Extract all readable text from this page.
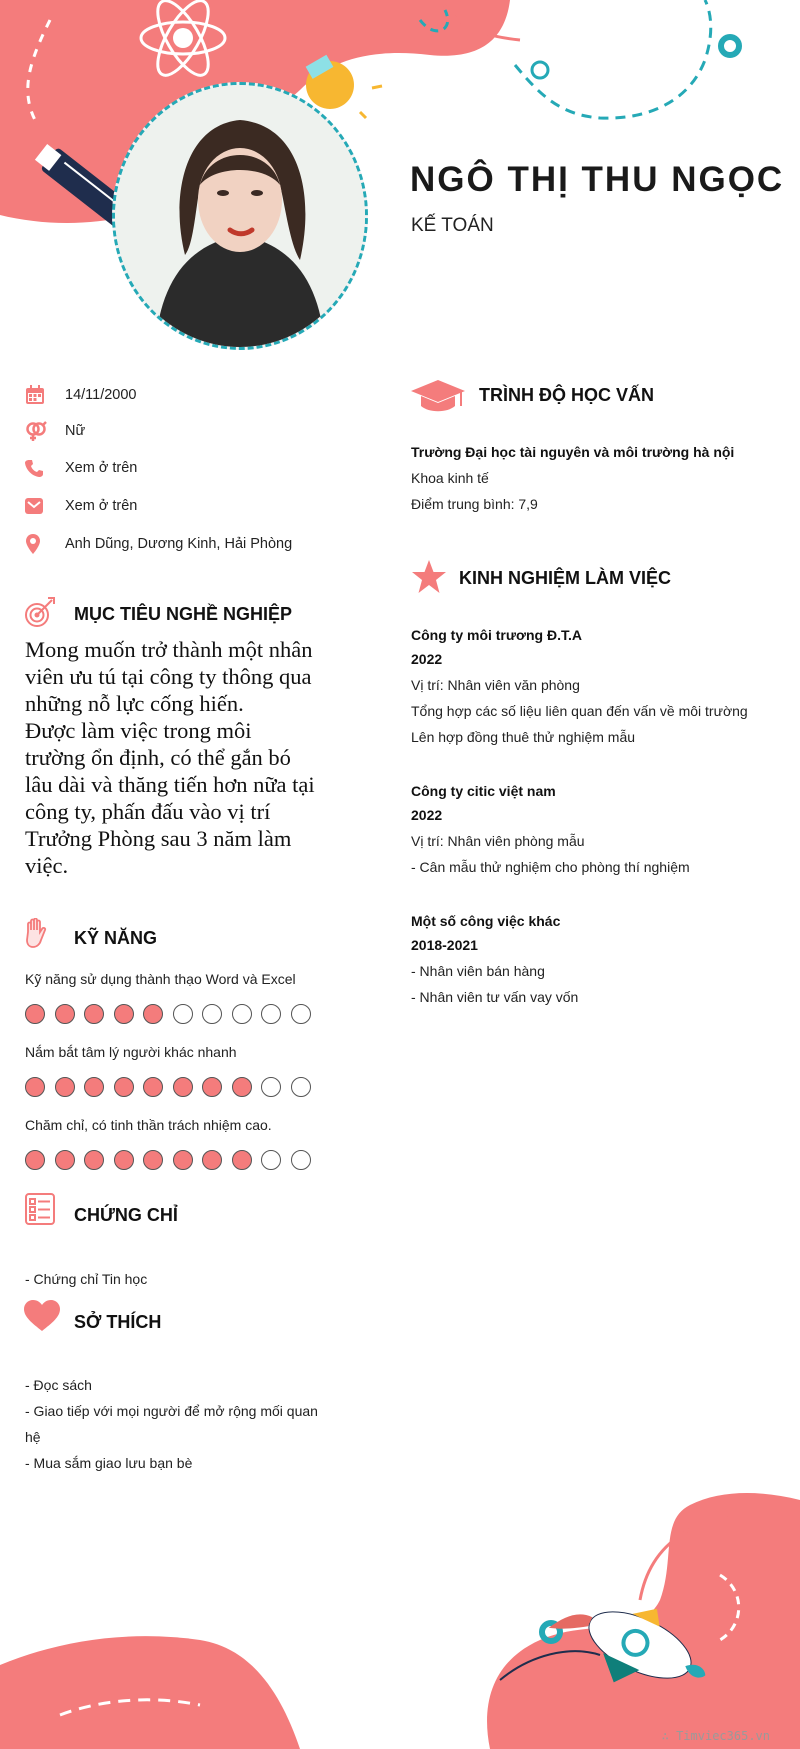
NGÔ THỊ THU NGỌC
KẾ TOÁN
14/11/2000
Nữ
Xem ở trên
Xem ở trên
Anh Dũng, Dương Kinh, Hải Phòng
MỤC TIÊU NGHỀ NGHIỆP
Mong muốn trở thành một nhân viên ưu tú tại công ty thông qua những nỗ lực cống hiến.
Được làm việc trong môi trường ổn định, có thể gắn bó lâu dài và thăng tiến hơn nữa tại công ty, phấn đấu vào vị trí Trưởng Phòng sau 3 năm làm việc.
KỸ NĂNG
Kỹ năng sử dụng thành thạo Word và Excel
Nắm bắt tâm lý người khác nhanh
Chăm chỉ, có tinh thần trách nhiệm cao.
CHỨNG CHỈ
- Chứng chỉ Tin học
SỞ THÍCH
- Đọc sách
- Giao tiếp với mọi người để mở rộng mối quan
hệ
- Mua sắm giao lưu bạn bè
TRÌNH ĐỘ HỌC VẤN
Trường Đại học tài nguyên và môi trường hà nội
Khoa kinh tế
Điểm trung bình: 7,9
KINH NGHIỆM LÀM VIỆC
Công ty môi trương Đ.T.A
2022
Vị trí: Nhân viên văn phòng
Tổng hợp các số liệu liên quan đến vấn về môi trường
Lên hợp đồng thuê thử nghiệm mẫu
Công ty citic việt nam
2022
Vị trí: Nhân viên phòng mẫu
- Cân mẫu thử nghiệm cho phòng thí nghiệm
Một số công việc khác
2018-2021
- Nhân viên bán hàng
- Nhân viên tư vấn vay vốn
∴ Timviec365.vn
